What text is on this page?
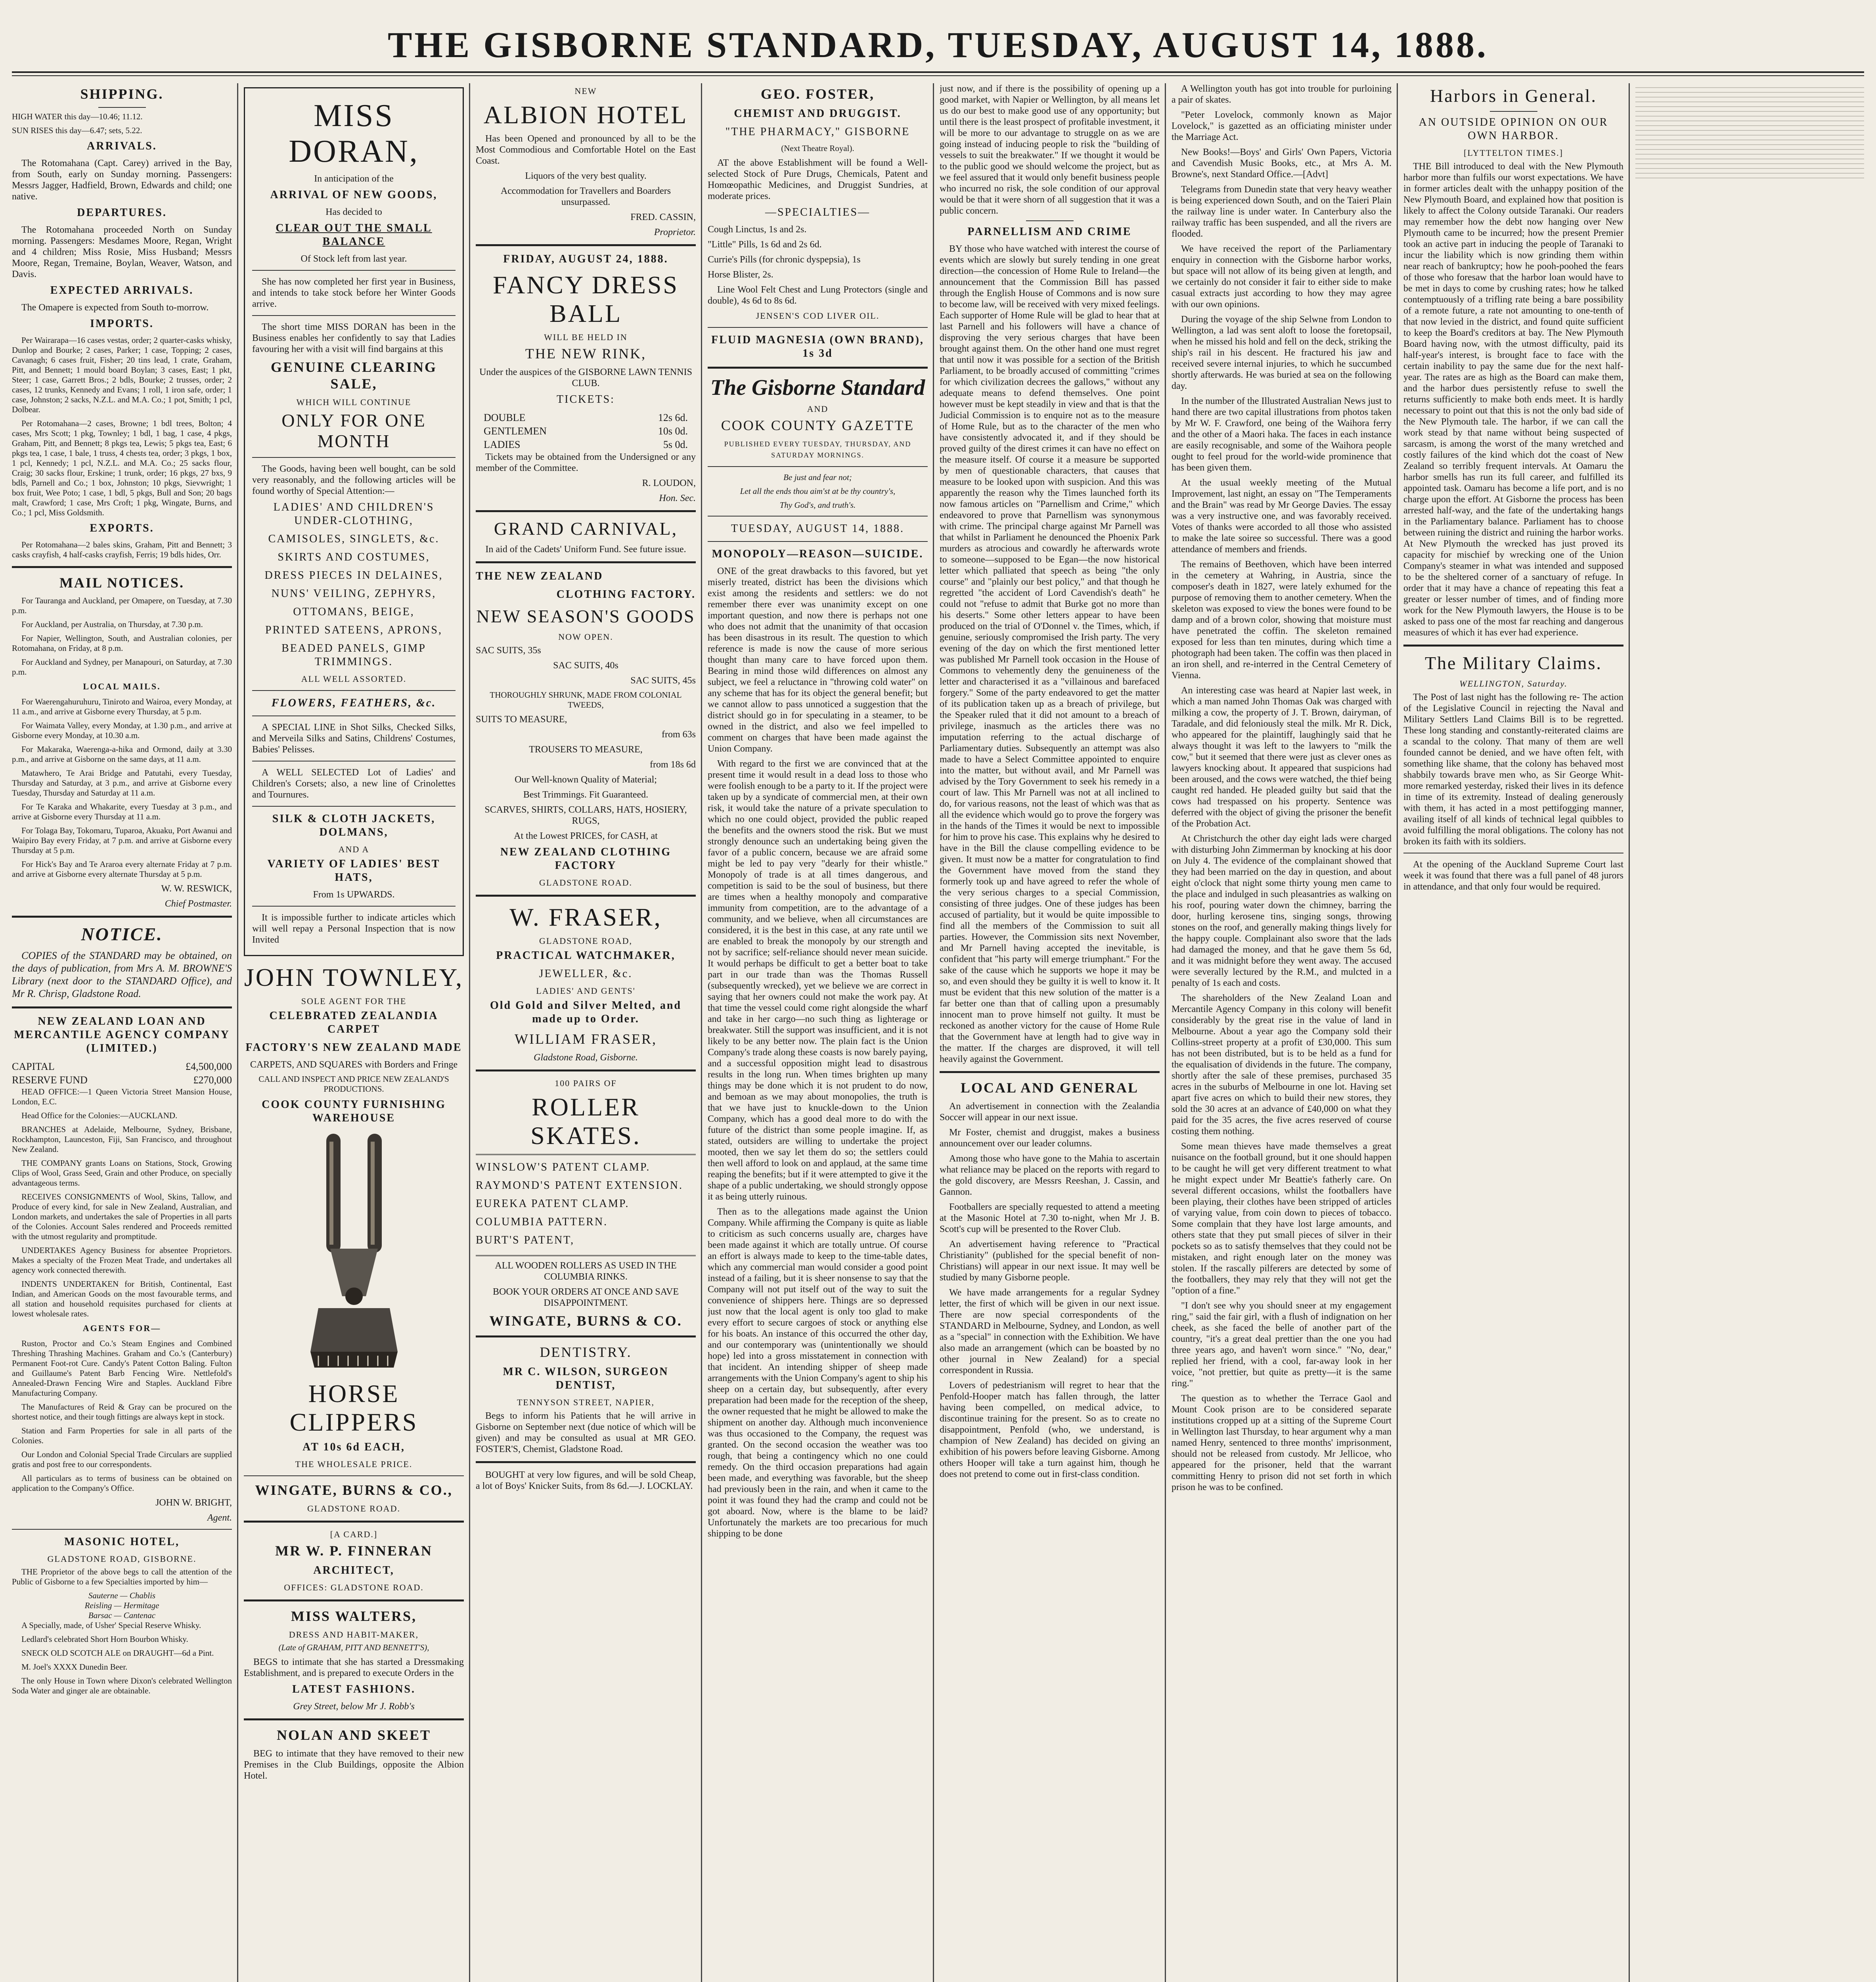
THE GISBORNE STANDARD, TUESDAY, AUGUST 14, 1888.
SHIPPING.

HIGH WATER this day—10.46; 11.12.

SUN RISES this day—6.47; sets, 5.22.

ARRIVALS.

The Rotomahana (Capt. Carey) arrived in the Bay, from South, early on Sunday morning. Passengers: Messrs Jagger, Hadfield, Brown, Edwards and child; one native.

DEPARTURES.

The Rotomahana proceeded North on Sunday morning. Passengers: Mesdames Moore, Regan, Wright and 4 children; Miss Rosie, Miss Husband; Messrs Moore, Regan, Tremaine, Boylan, Weaver, Watson, and Davis.

EXPECTED ARRIVALS.

The Omapere is expected from South to-morrow.

IMPORTS.

Per Wairarapa—16 cases vestas, order; 2 quarter-casks whisky, Dunlop and Bourke; 2 cases, Parker; 1 case, Topping; 2 cases, Cavanagh; 6 cases fruit, Fisher; 20 tins lead, 1 crate, Graham, Pitt, and Bennett; 1 mould board Boylan; 3 cases, East; 1 pkt, Steer; 1 case, Garrett Bros.; 2 bdls, Bourke; 2 trusses, order; 2 cases, 12 trunks, Kennedy and Evans; 1 roll, 1 iron safe, order; 1 case, Johnston; 2 sacks, N.Z.L. and M.A. Co.; 1 pot, Smith; 1 pcl, Dolbear.

Per Rotomahana—2 cases, Browne; 1 bdl trees, Bolton; 4 cases, Mrs Scott; 1 pkg, Townley; 1 bdl, 1 bag, 1 case, 4 pkgs, Graham, Pitt, and Bennett; 8 pkgs tea, Lewis; 5 pkgs tea, East; 6 pkgs tea, 1 case, 1 bale, 1 truss, 4 chests tea, order; 3 pkgs, 1 box, 1 pcl, Kennedy; 1 pcl, N.Z.L. and M.A. Co.; 25 sacks flour, Craig; 30 sacks flour, Erskine; 1 trunk, order; 16 pkgs, 27 bxs, 9 bdls, Parnell and Co.; 1 box, Johnston; 10 pkgs, Sievwright; 1 box fruit, Wee Poto; 1 case, 1 bdl, 5 pkgs, Bull and Son; 20 bags malt, Crawford; 1 case, Mrs Croft; 1 pkg, Wingate, Burns, and Co.; 1 pcl, Miss Goldsmith.

EXPORTS.

Per Rotomahana—2 bales skins, Graham, Pitt and Bennett; 3 casks crayfish, 4 half-casks crayfish, Ferris; 19 bdls hides, Orr.

MAIL NOTICES.

For Tauranga and Auckland, per Omapere, on Tuesday, at 7.30 p.m.

For Auckland, per Australia, on Thursday, at 7.30 p.m.

For Napier, Wellington, South, and Australian colonies, per Rotomahana, on Friday, at 8 p.m.

For Auckland and Sydney, per Manapouri, on Saturday, at 7.30 p.m.

LOCAL MAILS.

For Waerengahuruhuru, Tiniroto and Wairoa, every Monday, at 11 a.m., and arrive at Gisborne every Thursday, at 5 p.m.

For Waimata Valley, every Monday, at 1.30 p.m., and arrive at Gisborne every Monday, at 10.30 a.m.

For Makaraka, Waerenga-a-hika and Ormond, daily at 3.30 p.m., and arrive at Gisborne on the same days, at 11 a.m.

Matawhero, Te Arai Bridge and Patutahi, every Tuesday, Thursday and Saturday, at 3 p.m., and arrive at Gisborne every Tuesday, Thursday and Saturday at 11 a.m.

For Te Karaka and Whakarite, every Tuesday at 3 p.m., and arrive at Gisborne every Thursday at 11 a.m.

For Tolaga Bay, Tokomaru, Tuparoa, Akuaku, Port Awanui and Waipiro Bay every Friday, at 7 p.m. and arrive at Gisborne every Thursday at 5 p.m.

For Hick's Bay and Te Araroa every alternate Friday at 7 p.m. and arrive at Gisborne every alternate Thursday at 5 p.m.

W. W. RESWICK,

Chief Postmaster.

NOTICE.

COPIES of the STANDARD may be obtained, on the days of publication, from Mrs A. M. BROWNE'S Library (next door to the STANDARD Office), and Mr R. Chrisp, Gladstone Road.

NEW ZEALAND LOAN AND MERCANTILE AGENCY COMPANY (LIMITED.)
CAPITAL	£4,500,000
RESERVE FUND	£270,000

HEAD OFFICE:—1 Queen Victoria Street Mansion House, London, E.C.

Head Office for the Colonies:—AUCKLAND.

BRANCHES at Adelaide, Melbourne, Sydney, Brisbane, Rockhampton, Launceston, Fiji, San Francisco, and throughout New Zealand.

THE COMPANY grants Loans on Stations, Stock, Growing Clips of Wool, Grass Seed, Grain and other Produce, on specially advantageous terms.

RECEIVES CONSIGNMENTS of Wool, Skins, Tallow, and Produce of every kind, for sale in New Zealand, Australian, and London markets, and undertakes the sale of Properties in all parts of the Colonies. Account Sales rendered and Proceeds remitted with the utmost regularity and promptitude.

UNDERTAKES Agency Business for absentee Proprietors. Makes a specialty of the Frozen Meat Trade, and undertakes all agency work connected therewith.

INDENTS UNDERTAKEN for British, Continental, East Indian, and American Goods on the most favourable terms, and all station and household requisites purchased for clients at lowest wholesale rates.

AGENTS FOR—

Ruston, Proctor and Co.'s Steam Engines and Combined Threshing Thrashing Machines. Graham and Co.'s (Canterbury) Permanent Foot-rot Cure. Candy's Patent Cotton Baling. Fulton and Guillaume's Patent Barb Fencing Wire. Nettlefold's Annealed-Drawn Fencing Wire and Staples. Auckland Fibre Manufacturing Company.

The Manufactures of Reid & Gray can be procured on the shortest notice, and their tough fittings are always kept in stock.

Station and Farm Properties for sale in all parts of the Colonies.

Our London and Colonial Special Trade Circulars are supplied gratis and post free to our correspondents.

All particulars as to terms of business can be obtained on application to the Company's Office.

JOHN W. BRIGHT,

Agent.

MASONIC HOTEL,
GLADSTONE ROAD, GISBORNE.

THE Proprietor of the above begs to call the attention of the Public of Gisborne to a few Specialties imported by him—

Sauterne — Chablis
Reisling — Hermitage
Barsac — Cantenac

A Specially, made, of Usher' Special Reserve Whisky.

Ledlard's celebrated Short Horn Bourbon Whisky.

SNECK OLD SCOTCH ALE on DRAUGHT—6d a Pint.

M. Joel's XXXX Dunedin Beer.

The only House in Town where Dixon's celebrated Wellington Soda Water and ginger ale are obtainable.

MISS DORAN,

In anticipation of the

ARRIVAL OF NEW GOODS,

Has decided to

CLEAR OUT THE SMALL BALANCE

Of Stock left from last year.

She has now completed her first year in Business, and intends to take stock before her Winter Goods arrive.

The short time MISS DORAN has been in the Business enables her confidently to say that Ladies favouring her with a visit will find bargains at this

GENUINE CLEARING SALE,
WHICH WILL CONTINUE
ONLY FOR ONE MONTH

The Goods, having been well bought, can be sold very reasonably, and the following articles will be found worthy of Special Attention:—

LADIES' AND CHILDREN'S UNDER-CLOTHING,
CAMISOLES, SINGLETS, &c.
SKIRTS AND COSTUMES,
DRESS PIECES IN DELAINES,
NUNS' VEILING, ZEPHYRS,
OTTOMANS, BEIGE,
PRINTED SATEENS, APRONS,
BEADED PANELS, GIMP TRIMMINGS.
ALL WELL ASSORTED.
FLOWERS, FEATHERS, &c.

A SPECIAL LINE in Shot Silks, Checked Silks, and Merveila Silks and Satins, Childrens' Costumes, Babies' Pelisses.

A WELL SELECTED Lot of Ladies' and Children's Corsets; also, a new line of Crinolettes and Tournures.

SILK & CLOTH JACKETS, DOLMANS,
AND A
VARIETY OF LADIES' BEST HATS,

From 1s UPWARDS.

It is impossible further to indicate articles which will well repay a Personal Inspection that is now Invited

JOHN TOWNLEY,
SOLE AGENT FOR THE
CELEBRATED ZEALANDIA CARPET
FACTORY'S NEW ZEALAND MADE

CARPETS, AND SQUARES with Borders and Fringe

CALL AND INSPECT AND PRICE NEW ZEALAND'S PRODUCTIONS.

COOK COUNTY FURNISHING WAREHOUSE
HORSE CLIPPERS
AT 10s 6d EACH,
THE WHOLESALE PRICE.
WINGATE, BURNS & CO.,
GLADSTONE ROAD.
[A CARD.]
MR W. P. FINNERAN
ARCHITECT,
OFFICES: GLADSTONE ROAD.
MISS WALTERS,
DRESS AND HABIT-MAKER,

(Late of GRAHAM, PITT AND BENNETT'S),

BEGS to intimate that she has started a Dressmaking Establishment, and is prepared to execute Orders in the

LATEST FASHIONS.

Grey Street, below Mr J. Robb's

NOLAN AND SKEET

BEG to intimate that they have removed to their new Premises in the Club Buildings, opposite the Albion Hotel.

NEW
ALBION HOTEL

Has been Opened and pronounced by all to be the Most Commodious and Comfortable Hotel on the East Coast.

Liquors of the very best quality.

Accommodation for Travellers and Boarders unsurpassed.

FRED. CASSIN,

Proprietor.

FRIDAY, AUGUST 24, 1888.
FANCY DRESS BALL
WILL BE HELD IN
THE NEW RINK,

Under the auspices of the GISBORNE LAWN TENNIS CLUB.

TICKETS:
DOUBLE	12s 6d.
GENTLEMEN	10s 0d.
LADIES	5s 0d.

Tickets may be obtained from the Undersigned or any member of the Committee.

R. LOUDON,

Hon. Sec.

GRAND CARNIVAL,

In aid of the Cadets' Uniform Fund. See future issue.

THE NEW ZEALAND
CLOTHING FACTORY.
NEW SEASON'S GOODS
NOW OPEN.

SAC SUITS, 35s

SAC SUITS, 40s

SAC SUITS, 45s

THOROUGHLY SHRUNK, MADE FROM COLONIAL TWEEDS,

SUITS TO MEASURE,

from 63s

TROUSERS TO MEASURE,

from 18s 6d

Our Well-known Quality of Material;

Best Trimmings. Fit Guaranteed.

SCARVES, SHIRTS, COLLARS, HATS, HOSIERY, RUGS,

At the Lowest PRICES, for CASH, at

NEW ZEALAND CLOTHING FACTORY
GLADSTONE ROAD.
W. FRASER,
GLADSTONE ROAD,
PRACTICAL WATCHMAKER,
JEWELLER, &c.
LADIES' AND GENTS'
Old Gold and Silver Melted, and made up to Order.
WILLIAM FRASER,

Gladstone Road, Gisborne.

100 PAIRS OF
ROLLER SKATES.
WINSLOW'S PATENT CLAMP.
RAYMOND'S PATENT EXTENSION.
EUREKA PATENT CLAMP.
COLUMBIA PATTERN.
BURT'S PATENT,

ALL WOODEN ROLLERS AS USED IN THE COLUMBIA RINKS.

BOOK YOUR ORDERS AT ONCE AND SAVE DISAPPOINTMENT.

WINGATE, BURNS & CO.
DENTISTRY.
MR C. WILSON, SURGEON DENTIST,
TENNYSON STREET, NAPIER,

Begs to inform his Patients that he will arrive in Gisborne on September next (due notice of which will be given) and may be consulted as usual at MR GEO. FOSTER'S, Chemist, Gladstone Road.

BOUGHT at very low figures, and will be sold Cheap, a lot of Boys' Knicker Suits, from 8s 6d.—J. LOCKLAY.

GEO. FOSTER,
CHEMIST AND DRUGGIST.
"THE PHARMACY," GISBORNE

(Next Theatre Royal).

AT the above Establishment will be found a Well-selected Stock of Pure Drugs, Chemicals, Patent and Homœopathic Medicines, and Druggist Sundries, at moderate prices.

—SPECIALTIES—

Cough Linctus, 1s and 2s.

"Little" Pills, 1s 6d and 2s 6d.

Currie's Pills (for chronic dyspepsia), 1s

Horse Blister, 2s.

Line Wool Felt Chest and Lung Protectors (single and double), 4s 6d to 8s 6d.

JENSEN'S COD LIVER OIL.
FLUID MAGNESIA (OWN BRAND), 1s 3d
The Gisborne Standard
AND
COOK COUNTY GAZETTE
PUBLISHED EVERY TUESDAY, THURSDAY, AND SATURDAY MORNINGS.

Be just and fear not;

Let all the ends thou aim'st at be thy country's,

Thy God's, and truth's.

TUESDAY, AUGUST 14, 1888.
MONOPOLY—REASON—SUICIDE.

ONE of the great drawbacks to this favored, but yet miserly treated, district has been the divisions which exist among the residents and settlers: we do not remember there ever was unanimity except on one important question, and now there is perhaps not one who does not admit that the unanimity of that occasion has been disastrous in its result. The question to which reference is made is now the cause of more serious thought than many care to have forced upon them. Bearing in mind those wild differences on almost any subject, we feel a reluctance in "throwing cold water" on any scheme that has for its object the general benefit; but we cannot allow to pass unnoticed a suggestion that the district should go in for speculating in a steamer, to be owned in the district, and also we feel impelled to comment on charges that have been made against the Union Company.

With regard to the first we are convinced that at the present time it would result in a dead loss to those who were foolish enough to be a party to it. If the project were taken up by a syndicate of commercial men, at their own risk, it would take the nature of a private speculation to which no one could object, provided the public reaped the benefits and the owners stood the risk. But we must strongly denounce such an undertaking being given the favor of a public concern, because we are afraid some might be led to pay very "dearly for their whistle." Monopoly of trade is at all times dangerous, and competition is said to be the soul of business, but there are times when a healthy monopoly and comparative immunity from competition, are to the advantage of a community, and we believe, when all circumstances are considered, it is the best in this case, at any rate until we are enabled to break the monopoly by our strength and not by sacrifice; self-reliance should never mean suicide. It would perhaps be difficult to get a better boat to take part in our trade than was the Thomas Russell (subsequently wrecked), yet we believe we are correct in saying that her owners could not make the work pay. At that time the vessel could come right alongside the wharf and take in her cargo—no such thing as lighterage or breakwater. Still the support was insufficient, and it is not likely to be any better now. The plain fact is the Union Company's trade along these coasts is now barely paying, and a successful opposition might lead to disastrous results in the long run. When times brighten up many things may be done which it is not prudent to do now, and bemoan as we may about monopolies, the truth is that we have just to knuckle-down to the Union Company, which has a good deal more to do with the future of the district than some people imagine. If, as stated, outsiders are willing to undertake the project mooted, then we say let them do so; the settlers could then well afford to look on and applaud, at the same time reaping the benefits; but if it were attempted to give it the shape of a public undertaking, we should strongly oppose it as being utterly ruinous.

Then as to the allegations made against the Union Company. While affirming the Company is quite as liable to criticism as such concerns usually are, charges have been made against it which are totally untrue. Of course an effort is always made to keep to the time-table dates, which any commercial man would consider a good point instead of a failing, but it is sheer nonsense to say that the Company will not put itself out of the way to suit the convenience of shippers here. Things are so depressed just now that the local agent is only too glad to make every effort to secure cargoes of stock or anything else for his boats. An instance of this occurred the other day, and our contemporary was (unintentionally we should hope) led into a gross misstatement in connection with that incident. An intending shipper of sheep made arrangements with the Union Company's agent to ship his sheep on a certain day, but subsequently, after every preparation had been made for the reception of the sheep, the owner requested that he might be allowed to make the shipment on another day. Although much inconvenience was thus occasioned to the Company, the request was granted. On the second occasion the weather was too rough, that being a contingency which no one could remedy. On the third occasion preparations had again been made, and everything was favorable, but the sheep had previously been in the rain, and when it came to the point it was found they had the cramp and could not be got aboard. Now, where is the blame to be laid? Unfortunately the markets are too precarious for much shipping to be done

just now, and if there is the possibility of opening up a good market, with Napier or Wellington, by all means let us do our best to make good use of any opportunity; but until there is the least prospect of profitable investment, it will be more to our advantage to struggle on as we are going instead of inducing people to risk the "building of vessels to suit the breakwater." If we thought it would be to the public good we should welcome the project, but as we feel assured that it would only benefit business people who incurred no risk, the sole condition of our approval would be that it were shorn of all suggestion that it was a public concern.

PARNELLISM AND CRIME

BY those who have watched with interest the course of events which are slowly but surely tending in one great direction—the concession of Home Rule to Ireland—the announcement that the Commission Bill has passed through the English House of Commons and is now sure to become law, will be received with very mixed feelings. Each supporter of Home Rule will be glad to hear that at last Parnell and his followers will have a chance of disproving the very serious charges that have been brought against them. On the other hand one must regret that until now it was possible for a section of the British Parliament, to be broadly accused of committing "crimes for which civilization decrees the gallows," without any adequate means to defend themselves. One point however must be kept steadily in view and that is that the Judicial Commission is to enquire not as to the measure of Home Rule, but as to the character of the men who have consistently advocated it, and if they should be proved guilty of the direst crimes it can have no effect on the measure itself. Of course it a measure be supported by men of questionable characters, that causes that measure to be looked upon with suspicion. And this was apparently the reason why the Times launched forth its now famous articles on "Parnellism and Crime," which endeavored to prove that Parnellism was synonymous with crime. The principal charge against Mr Parnell was that whilst in Parliament he denounced the Phoenix Park murders as atrocious and cowardly he afterwards wrote to someone—supposed to be Egan—the now historical letter which palliated that speech as being "the only course" and "plainly our best policy," and that though he regretted "the accident of Lord Cavendish's death" he could not "refuse to admit that Burke got no more than his deserts." Some other letters appear to have been produced on the trial of O'Donnel v. the Times, which, if genuine, seriously compromised the Irish party. The very evening of the day on which the first mentioned letter was published Mr Parnell took occasion in the House of Commons to vehemently deny the genuineness of the letter and characterised it as a "villainous and barefaced forgery." Some of the party endeavored to get the matter of its publication taken up as a breach of privilege, but the Speaker ruled that it did not amount to a breach of privilege, inasmuch as the articles there was no imputation referring to the actual discharge of Parliamentary duties. Subsequently an attempt was also made to have a Select Committee appointed to enquire into the matter, but without avail, and Mr Parnell was advised by the Tory Government to seek his remedy in a court of law. This Mr Parnell was not at all inclined to do, for various reasons, not the least of which was that as all the evidence which would go to prove the forgery was in the hands of the Times it would be next to impossible for him to prove his case. This explains why he desired to have in the Bill the clause compelling evidence to be given. It must now be a matter for congratulation to find the Government have moved from the stand they formerly took up and have agreed to refer the whole of the very serious charges to a special Commission, consisting of three judges. One of these judges has been accused of partiality, but it would be quite impossible to find all the members of the Commission to suit all parties. However, the Commission sits next November, and Mr Parnell having accepted the inevitable, is confident that "his party will emerge triumphant." For the sake of the cause which he supports we hope it may be so, and even should they be guilty it is well to know it. It must be evident that this new solution of the matter is a far better one than that of calling upon a presumably innocent man to prove himself not guilty. It must be reckoned as another victory for the cause of Home Rule that the Government have at length had to give way in the matter. If the charges are disproved, it will tell heavily against the Government.

LOCAL AND GENERAL

An advertisement in connection with the Zealandia Soccer will appear in our next issue.

Mr Foster, chemist and druggist, makes a business announcement over our leader columns.

Among those who have gone to the Mahia to ascertain what reliance may be placed on the reports with regard to the gold discovery, are Messrs Reeshan, J. Cassin, and Gannon.

Footballers are specially requested to attend a meeting at the Masonic Hotel at 7.30 to-night, when Mr J. B. Scott's cup will be presented to the Rover Club.

An advertisement having reference to "Practical Christianity" (published for the special benefit of non-Christians) will appear in our next issue. It may well be studied by many Gisborne people.

We have made arrangements for a regular Sydney letter, the first of which will be given in our next issue. There are now special correspondents of the STANDARD in Melbourne, Sydney, and London, as well as a "special" in connection with the Exhibition. We have also made an arrangement (which can be boasted by no other journal in New Zealand) for a special correspondent in Russia.

Lovers of pedestrianism will regret to hear that the Penfold-Hooper match has fallen through, the latter having been compelled, on medical advice, to discontinue training for the present. So as to create no disappointment, Penfold (who, we understand, is champion of New Zealand) has decided on giving an exhibition of his powers before leaving Gisborne. Among others Hooper will take a turn against him, though he does not pretend to come out in first-class condition.

A Wellington youth has got into trouble for purloining a pair of skates.

"Peter Lovelock, commonly known as Major Lovelock," is gazetted as an officiating minister under the Marriage Act.

New Books!—Boys' and Girls' Own Papers, Victoria and Cavendish Music Books, etc., at Mrs A. M. Browne's, next Standard Office.—[Advt]

Telegrams from Dunedin state that very heavy weather is being experienced down South, and on the Taieri Plain the railway line is under water. In Canterbury also the railway traffic has been suspended, and all the rivers are flooded.

We have received the report of the Parliamentary enquiry in connection with the Gisborne harbor works, but space will not allow of its being given at length, and we certainly do not consider it fair to either side to make casual extracts just according to how they may agree with our own opinions.

During the voyage of the ship Selwne from London to Wellington, a lad was sent aloft to loose the foretopsail, when he missed his hold and fell on the deck, striking the ship's rail in his descent. He fractured his jaw and received severe internal injuries, to which he succumbed shortly afterwards. He was buried at sea on the following day.

In the number of the Illustrated Australian News just to hand there are two capital illustrations from photos taken by Mr W. F. Crawford, one being of the Waihora ferry and the other of a Maori haka. The faces in each instance are easily recognisable, and some of the Waihora people ought to feel proud for the world-wide prominence that has been given them.

At the usual weekly meeting of the Mutual Improvement, last night, an essay on "The Temperaments and the Brain" was read by Mr George Davies. The essay was a very instructive one, and was favorably received. Votes of thanks were accorded to all those who assisted to make the late soiree so successful. There was a good attendance of members and friends.

The remains of Beethoven, which have been interred in the cemetery at Wahring, in Austria, since the composer's death in 1827, were lately exhumed for the purpose of removing them to another cemetery. When the skeleton was exposed to view the bones were found to be damp and of a brown color, showing that moisture must have penetrated the coffin. The skeleton remained exposed for less than ten minutes, during which time a photograph had been taken. The coffin was then placed in an iron shell, and re-interred in the Central Cemetery of Vienna.

An interesting case was heard at Napier last week, in which a man named John Thomas Oak was charged with milking a cow, the property of J. T. Brown, dairyman, of Taradale, and did feloniously steal the milk. Mr R. Dick, who appeared for the plaintiff, laughingly said that he always thought it was left to the lawyers to "milk the cow," but it seemed that there were just as clever ones as lawyers knocking about. It appeared that suspicions had been aroused, and the cows were watched, the thief being caught red handed. He pleaded guilty but said that the cows had trespassed on his property. Sentence was deferred with the object of giving the prisoner the benefit of the Probation Act.

At Christchurch the other day eight lads were charged with disturbing John Zimmerman by knocking at his door on July 4. The evidence of the complainant showed that they had been married on the day in question, and about eight o'clock that night some thirty young men came to the place and indulged in such pleasantries as walking on his roof, pouring water down the chimney, barring the door, hurling kerosene tins, singing songs, throwing stones on the roof, and generally making things lively for the happy couple. Complainant also swore that the lads had damaged the money, and that he gave them 5s 6d, and it was midnight before they went away. The accused were severally lectured by the R.M., and mulcted in a penalty of 1s each and costs.

The shareholders of the New Zealand Loan and Mercantile Agency Company in this colony will benefit considerably by the great rise in the value of land in Melbourne. About a year ago the Company sold their Collins-street property at a profit of £30,000. This sum has not been distributed, but is to be held as a fund for the equalisation of dividends in the future. The company, shortly after the sale of these premises, purchased 35 acres in the suburbs of Melbourne in one lot. Having set apart five acres on which to build their new stores, they sold the 30 acres at an advance of £40,000 on what they paid for the 35 acres, the five acres reserved of course costing them nothing.

Some mean thieves have made themselves a great nuisance on the football ground, but it one should happen to be caught he will get very different treatment to what he might expect under Mr Beattie's fatherly care. On several different occasions, whilst the footballers have been playing, their clothes have been stripped of articles of varying value, from coin down to pieces of tobacco. Some complain that they have lost large amounts, and others state that they put small pieces of silver in their pockets so as to satisfy themselves that they could not be mistaken, and right enough later on the money was stolen. If the rascally pilferers are detected by some of the footballers, they may rely that they will not get the "option of a fine."

"I don't see why you should sneer at my engagement ring," said the fair girl, with a flush of indignation on her cheek, as she faced the belle of another part of the country, "it's a great deal prettier than the one you had three years ago, and haven't worn since." "No, dear," replied her friend, with a cool, far-away look in her voice, "not prettier, but quite as pretty—it is the same ring."

The question as to whether the Terrace Gaol and Mount Cook prison are to be considered separate institutions cropped up at a sitting of the Supreme Court in Wellington last Thursday, to hear argument why a man named Henry, sentenced to three months' imprisonment, should not be released from custody. Mr Jellicoe, who appeared for the prisoner, held that the warrant committing Henry to prison did not set forth in which prison he was to be confined.

Harbors in General.
AN OUTSIDE OPINION ON OUR OWN HARBOR.
[LYTTELTON TIMES.]

THE Bill introduced to deal with the New Plymouth harbor more than fulfils our worst expectations. We have in former articles dealt with the unhappy position of the New Plymouth Board, and explained how that position is likely to affect the Colony outside Taranaki. Our readers may remember how the debt now hanging over New Plymouth came to be incurred; how the present Premier took an active part in inducing the people of Taranaki to incur the liability which is now grinding them within near reach of bankruptcy; how he pooh-poohed the fears of those who foresaw that the harbor loan would have to be met in days to come by crushing rates; how he talked contemptuously of a trifling rate being a bare possibility of a remote future, a rate not amounting to one-tenth of that now levied in the district, and found quite sufficient to keep the Board's creditors at bay. The New Plymouth Board having now, with the utmost difficulty, paid its half-year's interest, is brought face to face with the certain inability to pay the same due for the next half-year. The rates are as high as the Board can make them, and the harbor dues persistently refuse to swell the returns sufficiently to make both ends meet. It is hardly necessary to point out that this is not the only bad side of the New Plymouth tale. The harbor, if we can call the work stead by that name without being suspected of sarcasm, is among the worst of the many wretched and costly failures of the kind which dot the coast of New Zealand so terribly frequent intervals. At Oamaru the harbor smells has run its full career, and fulfilled its appointed task. Oamaru has become a life port, and is no charge upon the effort. At Gisborne the process has been arrested half-way, and the fate of the undertaking hangs in the Parliamentary balance. Parliament has to choose between ruining the district and ruining the harbor works. At New Plymouth the wrecked has just proved its capacity for mischief by wrecking one of the Union Company's steamer in what was intended and supposed to be the sheltered corner of a sanctuary of refuge. In order that it may have a chance of repeating this feat a greater or lesser number of times, and of finding more work for the New Plymouth lawyers, the House is to be asked to pass one of the most far reaching and dangerous measures of which it has ever had experience.

The Military Claims.
WELLINGTON, Saturday.

The Post of last night has the following re- The action of the Legislative Council in rejecting the Naval and Military Settlers Land Claims Bill is to be regretted. These long standing and constantly-reiterated claims are a scandal to the colony. That many of them are well founded cannot be denied, and we have often felt, with something like shame, that the colony has behaved most shabbily towards brave men who, as Sir George Whit-more remarked yesterday, risked their lives in its defence in time of its extremity. Instead of dealing generously with them, it has acted in a most pettifogging manner, availing itself of all kinds of technical legal quibbles to avoid fulfilling the moral obligations. The colony has not broken its faith with its soldiers.

At the opening of the Auckland Supreme Court last week it was found that there was a full panel of 48 jurors in attendance, and that only four would be required.
